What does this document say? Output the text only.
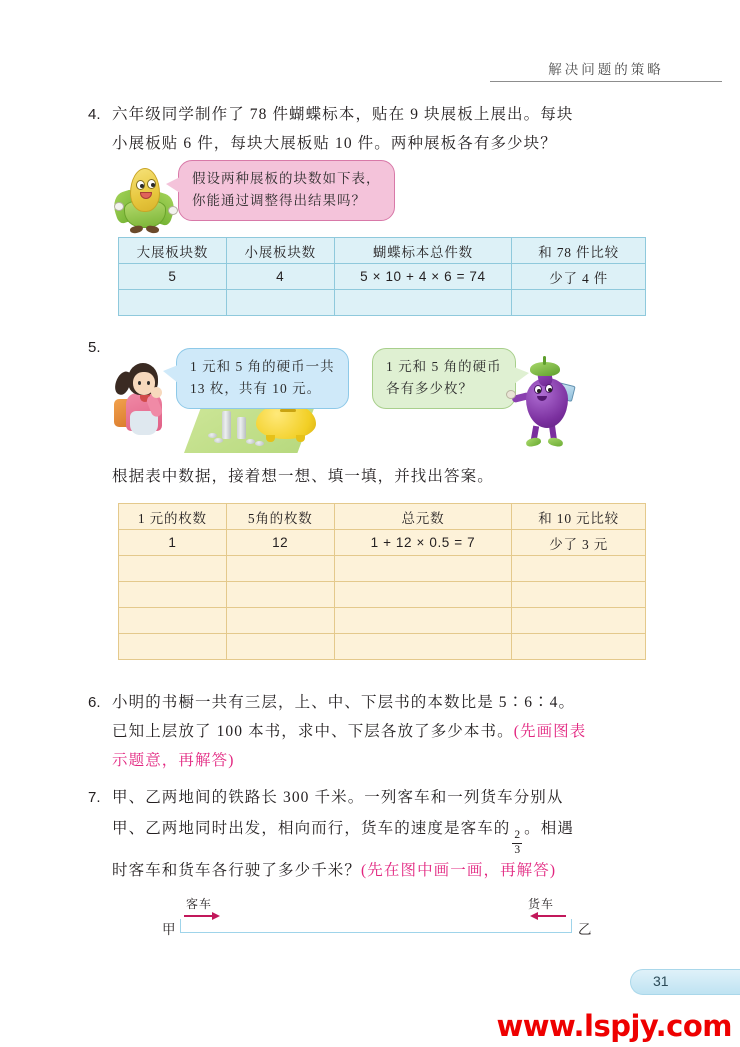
解决问题的策略
4. 六年级同学制作了 78 件蝴蝶标本，贴在 9 块展板上展出。每块
小展板贴 6 件，每块大展板贴 10 件。两种展板各有多少块？
假设两种展板的块数如下表，
你能通过调整得出结果吗？
大展板块数	小展板块数	蝴蝶标本总件数	和 78 件比较
5	4	5 × 10 + 4 × 6 = 74	少了 4 件

5.
1 元和 5 角的硬币一共
13 枚，共有 10 元。
1 元和 5 角的硬币
各有多少枚？
根据表中数据，接着想一想、填一填，并找出答案。
1 元的枚数	5角的枚数	总元数	和 10 元比较
1	12	1 + 12 × 0.5 = 7	少了 3 元

6. 小明的书橱一共有三层，上、中、下层书的本数比是 5∶6∶4。
已知上层放了 100 本书，求中、下层各放了多少本书。(先画图表
示题意，再解答)
7. 甲、乙两地间的铁路长 300 千米。一列客车和一列货车分别从
甲、乙两地同时出发，相向而行，货车的速度是客车的
$\frac{2}{3}$
。相遇
时客车和货车各行驶了多少千米？(先在图中画一画，再解答)
甲	乙
客车	货车
31
www.lspjy.com
